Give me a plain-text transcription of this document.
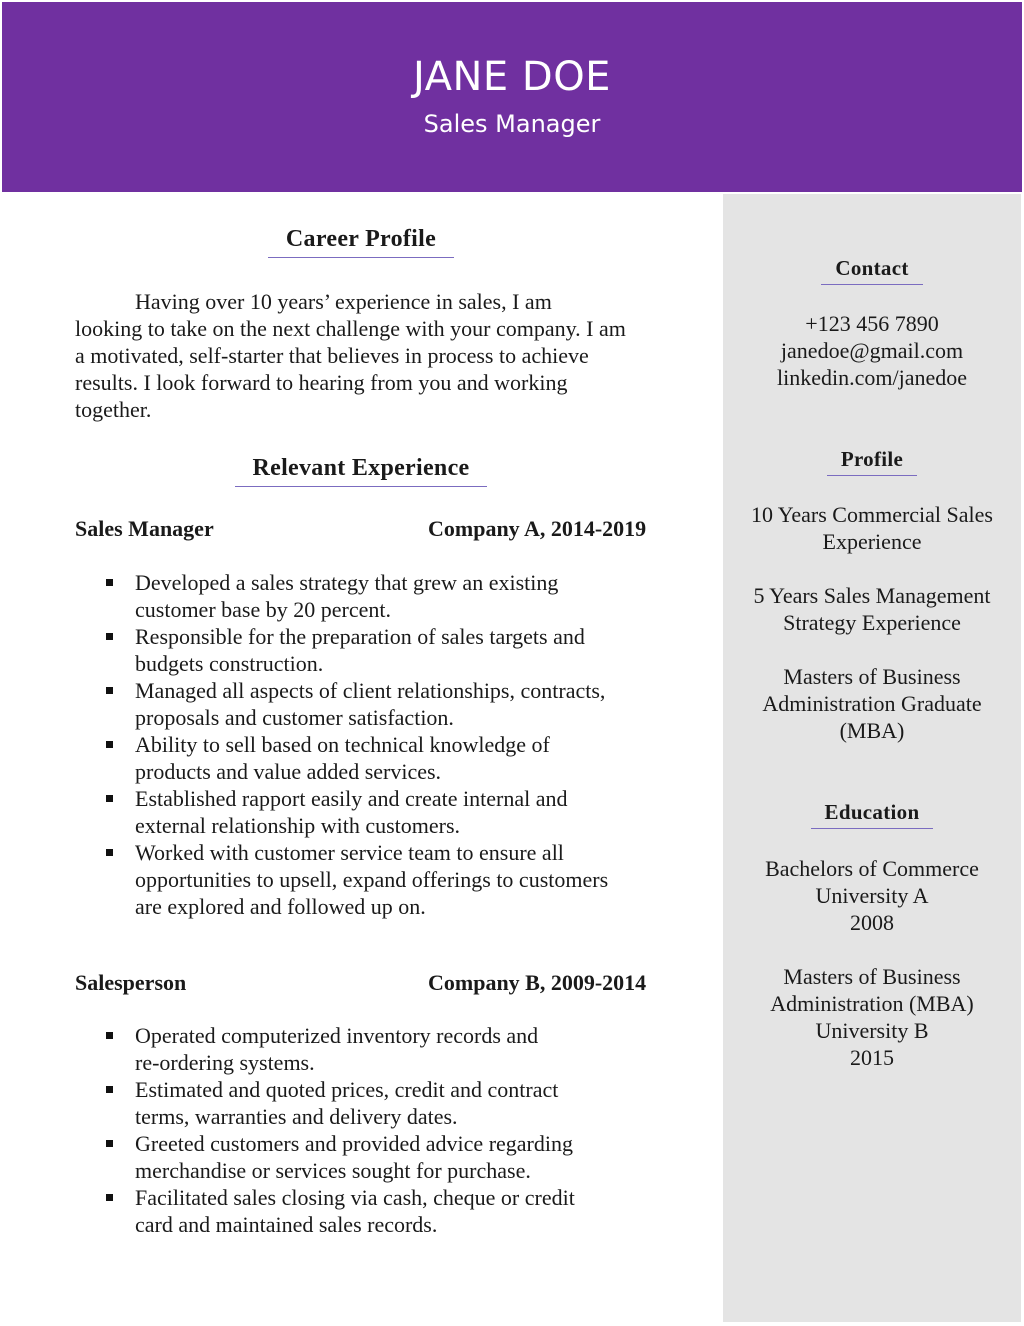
JANE DOE
Sales Manager
Career Profile
Having over 10 years’ experience in sales, I am
looking to take on the next challenge with your company. I am
a motivated, self-starter that believes in process to achieve
results. I look forward to hearing from you and working
together.
Relevant Experience
Sales Manager	Company A, 2014-2019
Developed a sales strategy that grew an existing
customer base by 20 percent.
Responsible for the preparation of sales targets and
budgets construction.
Managed all aspects of client relationships, contracts,
proposals and customer satisfaction.
Ability to sell based on technical knowledge of
products and value added services.
Established rapport easily and create internal and
external relationship with customers.
Worked with customer service team to ensure all
opportunities to upsell, expand offerings to customers
are explored and followed up on.
Salesperson	Company B, 2009-2014
Operated computerized inventory records and
re-ordering systems.
Estimated and quoted prices, credit and contract
terms, warranties and delivery dates.
Greeted customers and provided advice regarding
merchandise or services sought for purchase.
Facilitated sales closing via cash, cheque or credit
card and maintained sales records.
Contact
+123 456 7890
janedoe@gmail.com
linkedin.com/janedoe
Profile
10 Years Commercial Sales
Experience
5 Years Sales Management
Strategy Experience
Masters of Business
Administration Graduate
(MBA)
Education
Bachelors of Commerce
University A
2008
Masters of Business
Administration (MBA)
University B
2015
